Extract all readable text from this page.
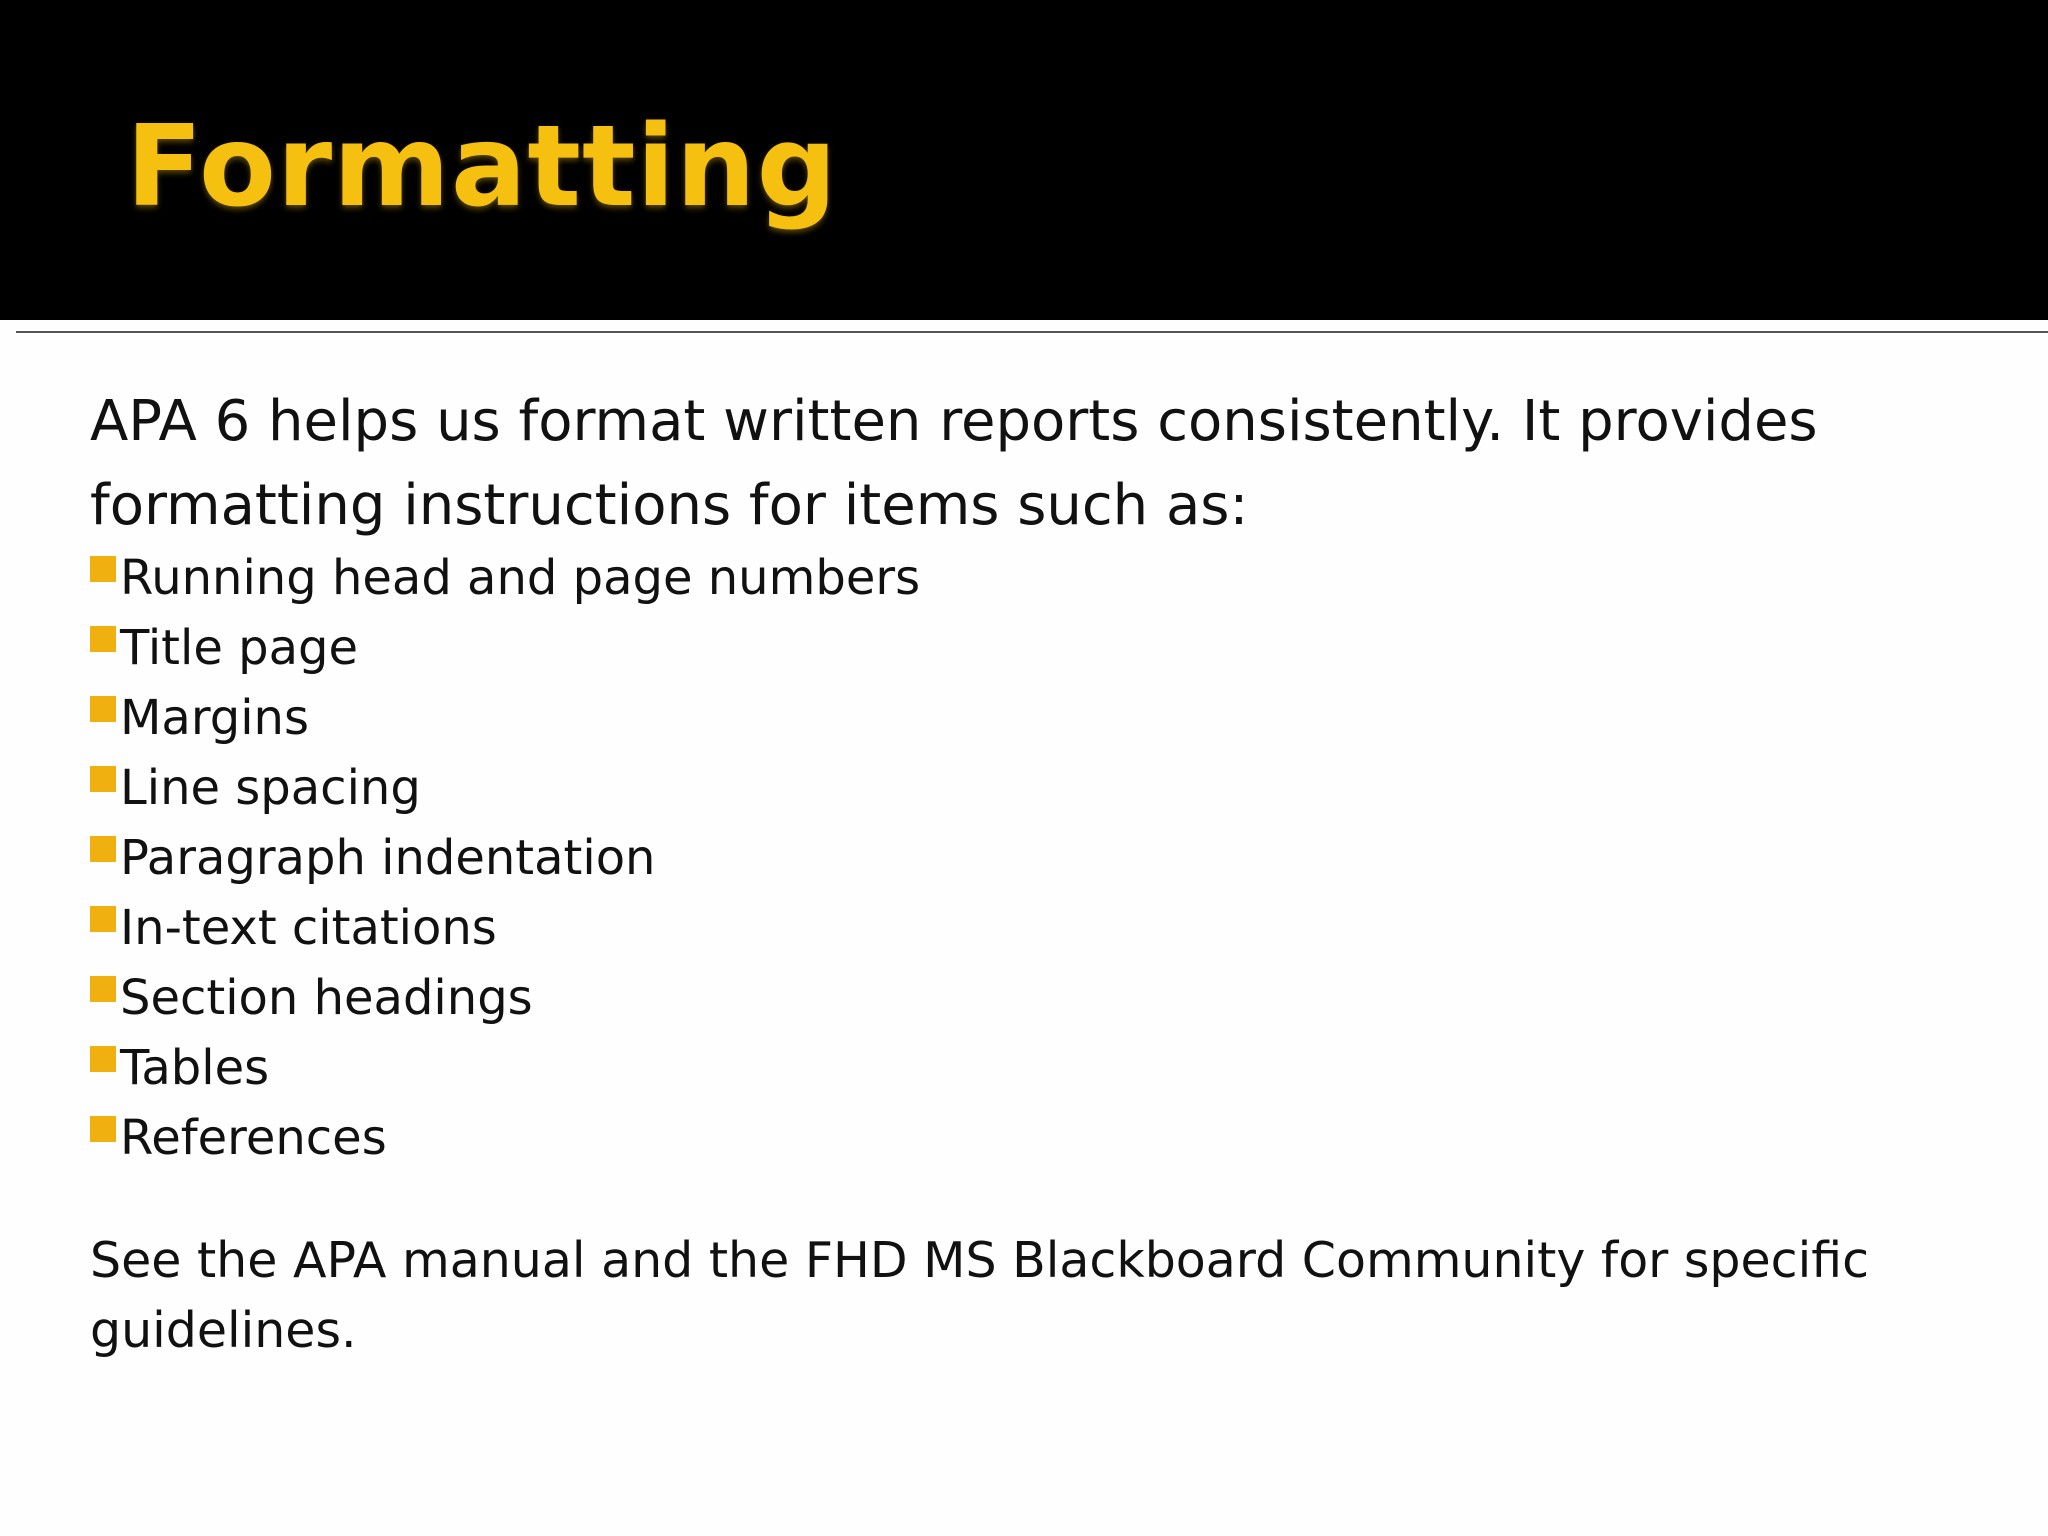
Formatting

APA 6 helps us format written reports consistently. It provides formatting instructions for items such as:

Running head and page numbers
Title page
Margins
Line spacing
Paragraph indentation
In-text citations
Section headings
Tables
References

See the APA manual and the FHD MS Blackboard Community for specific guidelines.
